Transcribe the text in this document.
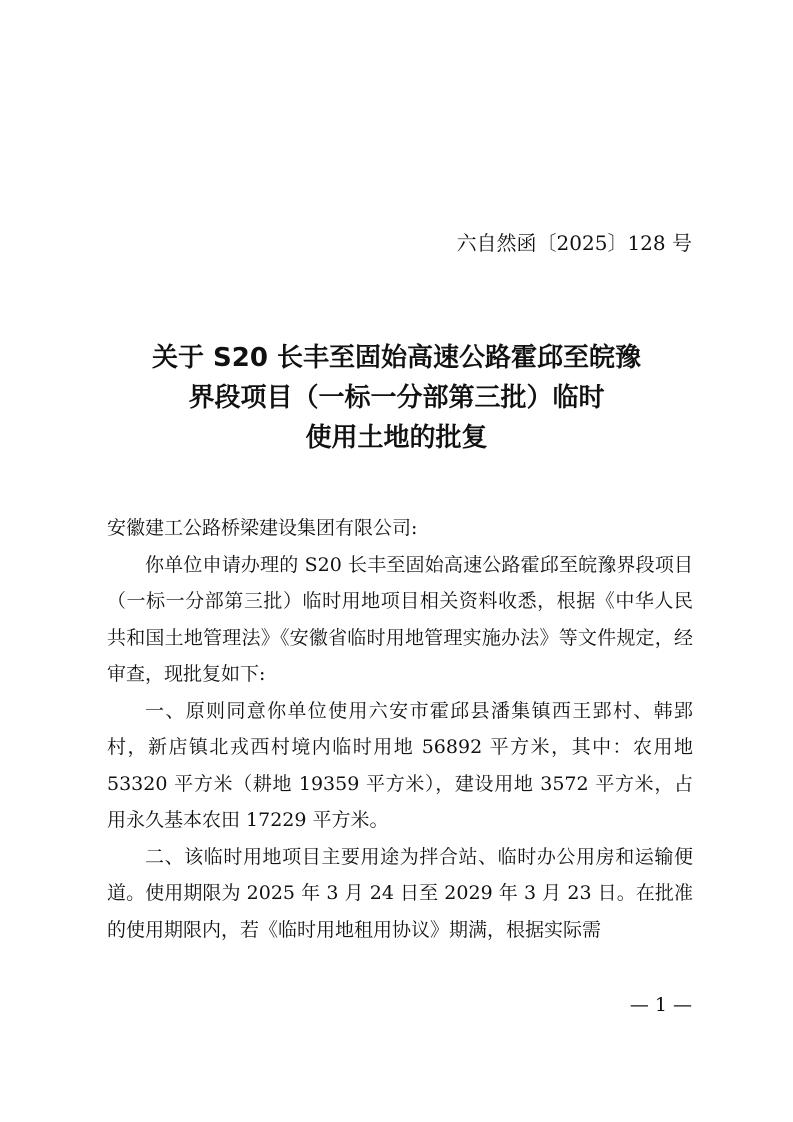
六自然函〔2025〕128 号
关于 S20 长丰至固始高速公路霍邱至皖豫
界段项目（一标一分部第三批）临时
使用土地的批复

安徽建工公路桥梁建设集团有限公司:

你单位申请办理的 S20 长丰至固始高速公路霍邱至皖豫界段项目（一标一分部第三批）临时用地项目相关资料收悉，根据《中华人民共和国土地管理法》《安徽省临时用地管理实施办法》等文件规定，经审查，现批复如下:

一、原则同意你单位使用六安市霍邱县潘集镇西王郢村、韩郢村，新店镇北戎西村境内临时用地 56892 平方米，其中：农用地 53320 平方米（耕地 19359 平方米），建设用地 3572 平方米，占用永久基本农田 17229 平方米。

二、该临时用地项目主要用途为拌合站、临时办公用房和运输便道。使用期限为 2025 年 3 月 24 日至 2029 年 3 月 23 日。在批准的使用期限内，若《临时用地租用协议》期满，根据实际需

— 1 —
